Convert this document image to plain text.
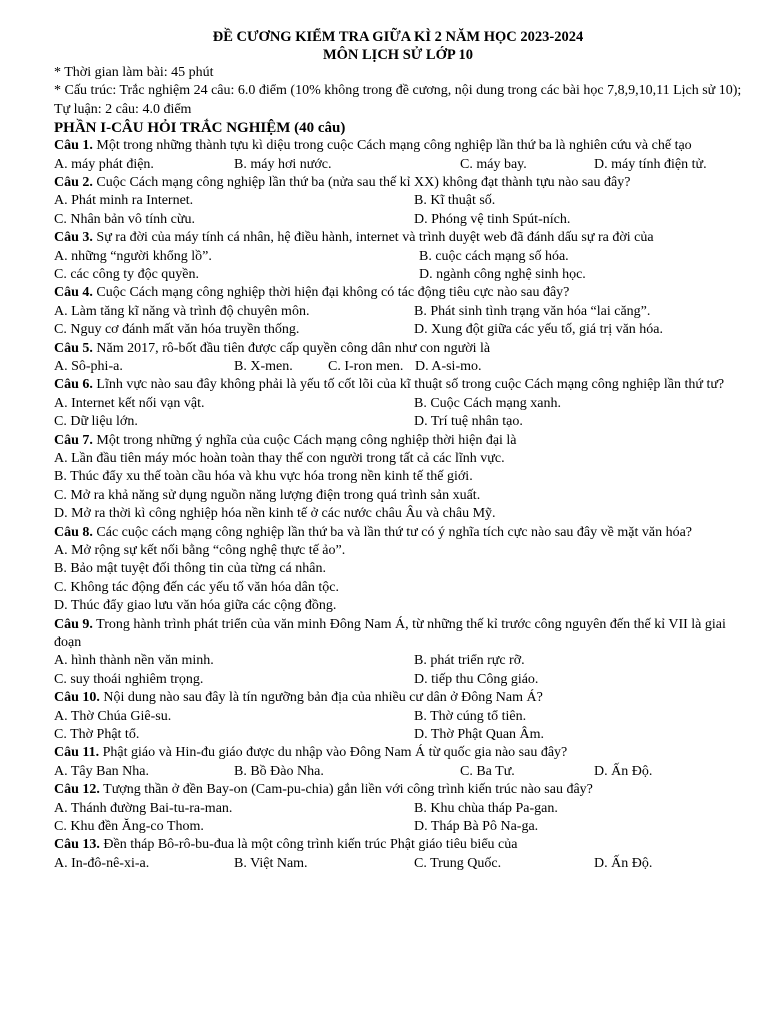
ĐỀ CƯƠNG KIỂM TRA GIỮA KÌ 2 NĂM HỌC 2023-2024

MÔN LỊCH SỬ LỚP 10

* Thời gian làm bài: 45 phút

* Cấu trúc: Trắc nghiệm 24 câu: 6.0 điểm (10% không trong đề cương, nội dung trong các bài học 7,8,9,10,11 Lịch sử 10); Tự luận: 2 câu: 4.0 điểm

PHẦN I-CÂU HỎI TRẮC NGHIỆM (40 câu)

Câu 1. Một trong những thành tựu kì diệu trong cuộc Cách mạng công nghiệp lần thứ ba là nghiên cứu và chế tạo

A. máy phát điện.	B. máy hơi nước.	C. máy bay.	D. máy tính điện tử.

Câu 2. Cuộc Cách mạng công nghiệp lần thứ ba (nửa sau thế kỉ XX) không đạt thành tựu nào sau đây?

A. Phát minh ra Internet.	B. Kĩ thuật số.
C. Nhân bản vô tính cừu.	D. Phóng vệ tinh Spút-ních.

Câu 3. Sự ra đời của máy tính cá nhân, hệ điều hành, internet và trình duyệt web đã đánh dấu sự ra đời của

A. những “người khổng lồ”.	B. cuộc cách mạng số hóa.
C. các công ty độc quyền.	D. ngành công nghệ sinh học.

Câu 4. Cuộc Cách mạng công nghiệp thời hiện đại không có tác động tiêu cực nào sau đây?

A. Làm tăng kĩ năng và trình độ chuyên môn.	B. Phát sinh tình trạng văn hóa “lai căng”.
C. Nguy cơ đánh mất văn hóa truyền thống.	D. Xung đột giữa các yếu tố, giá trị văn hóa.

Câu 5. Năm 2017, rô-bốt đầu tiên được cấp quyền công dân như con người là

A. Sô-phi-a.	B. X-men.	C. I-ron men. D. A-si-mo.

Câu 6. Lĩnh vực nào sau đây không phải là yếu tố cốt lõi của kĩ thuật số trong cuộc Cách mạng công nghiệp lần thứ tư?

A. Internet kết nối vạn vật.	B. Cuộc Cách mạng xanh.
C. Dữ liệu lớn.	D. Trí tuệ nhân tạo.

Câu 7. Một trong những ý nghĩa của cuộc Cách mạng công nghiệp thời hiện đại là

A. Lần đầu tiên máy móc hoàn toàn thay thế con người trong tất cả các lĩnh vực.
B. Thúc đẩy xu thế toàn cầu hóa và khu vực hóa trong nền kinh tế thế giới.
C. Mở ra khả năng sử dụng nguồn năng lượng điện trong quá trình sản xuất.
D. Mở ra thời kì công nghiệp hóa nền kinh tế ở các nước châu Âu và châu Mỹ.

Câu 8. Các cuộc cách mạng công nghiệp lần thứ ba và lần thứ tư có ý nghĩa tích cực nào sau đây về mặt văn hóa?

A. Mở rộng sự kết nối bằng “công nghệ thực tế ảo”.
B. Bảo mật tuyệt đối thông tin của từng cá nhân.
C. Không tác động đến các yếu tố văn hóa dân tộc.
D. Thúc đẩy giao lưu văn hóa giữa các cộng đồng.

Câu 9. Trong hành trình phát triển của văn minh Đông Nam Á, từ những thế kỉ trước công nguyên đến thế kỉ VII là giai đoạn

A. hình thành nền văn minh.	B. phát triển rực rỡ.
C. suy thoái nghiêm trọng.	D. tiếp thu Công giáo.

Câu 10. Nội dung nào sau đây là tín ngưỡng bản địa của nhiều cư dân ở Đông Nam Á?

A. Thờ Chúa Giê-su.	B. Thờ cúng tổ tiên.
C. Thờ Phật tổ.	D. Thờ Phật Quan Âm.

Câu 11. Phật giáo và Hin-đu giáo được du nhập vào Đông Nam Á từ quốc gia nào sau đây?

A. Tây Ban Nha.	B. Bồ Đào Nha.	C. Ba Tư.	D. Ấn Độ.

Câu 12. Tượng thần ở đền Bay-on (Cam-pu-chia) gắn liền với công trình kiến trúc nào sau đây?

A. Thánh đường Bai-tu-ra-man.	B. Khu chùa tháp Pa-gan.
C. Khu đền Ăng-co Thom.	D. Tháp Bà Pô Na-ga.

Câu 13. Đền tháp Bô-rô-bu-đua là một công trình kiến trúc Phật giáo tiêu biểu của

A. In-đô-nê-xi-a.	B. Việt Nam.	C. Trung Quốc.	D. Ấn Độ.
